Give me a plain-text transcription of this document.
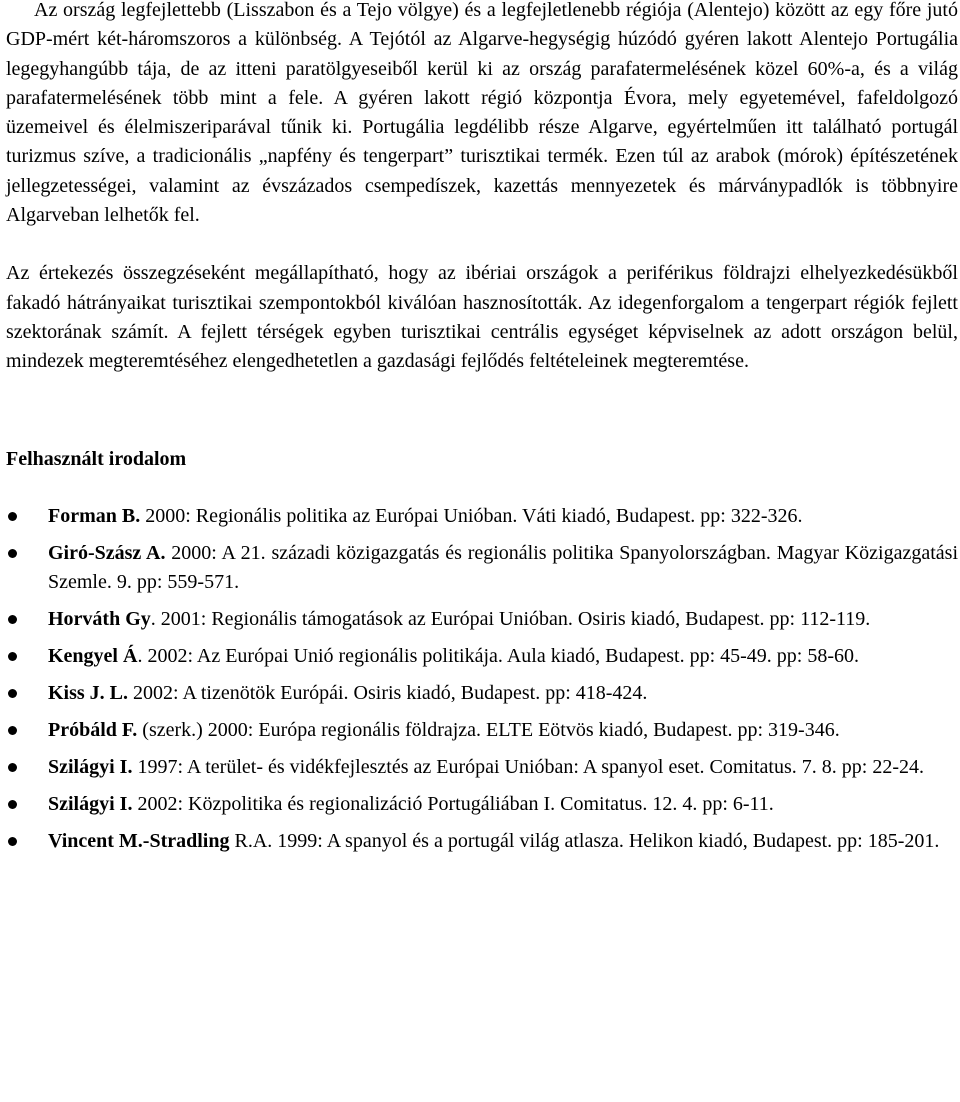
Az ország legfejlettebb (Lisszabon és a Tejo völgye) és a legfejletlenebb régiója (Alentejo) között az egy főre jutó GDP-mért két-háromszoros a különbség. A Tejótól az Algarve-hegységig húzódó gyéren lakott Alentejo Portugália legegyhangúbb tája, de az itteni paratölgyeseiből kerül ki az ország parafatermelésének közel 60%-a, és a világ parafatermelésének több mint a fele. A gyéren lakott régió központja Évora, mely egyetemével, fafeldolgozó üzemeivel és élelmiszeriparával tűnik ki. Portugália legdélibb része Algarve, egyértelműen itt található portugál turizmus szíve, a tradicionális „napfény és tengerpart” turisztikai termék. Ezen túl az arabok (mórok) építészetének jellegzetességei, valamint az évszázados csempedíszek, kazettás mennyezetek és márványpadlók is többnyire Algarveban lelhetők fel.

Az értekezés összegzéseként megállapítható, hogy az ibériai országok a periférikus földrajzi elhelyezkedésükből fakadó hátrányaikat turisztikai szempontokból kiválóan hasznosították. Az idegenforgalom a tengerpart régiók fejlett szektorának számít. A fejlett térségek egyben turisztikai centrális egységet képviselnek az adott országon belül, mindezek megteremtéséhez elengedhetetlen a gazdasági fejlődés feltételeinek megteremtése.

Felhasznált irodalom
Forman B. 2000: Regionális politika az Európai Unióban. Váti kiadó, Budapest. pp: 322-326.
Giró-Szász A. 2000: A 21. századi közigazgatás és regionális politika Spanyolországban. Magyar Közigazgatási Szemle. 9. pp: 559-571.
Horváth Gy. 2001: Regionális támogatások az Európai Unióban. Osiris kiadó, Budapest. pp: 112-119.
Kengyel Á. 2002: Az Európai Unió regionális politikája. Aula kiadó, Budapest. pp: 45-49. pp: 58-60.
Kiss J. L. 2002: A tizenötök Európái. Osiris kiadó, Budapest. pp: 418-424.
Próbáld F. (szerk.) 2000: Európa regionális földrajza. ELTE Eötvös kiadó, Budapest. pp: 319-346.
Szilágyi I. 1997: A terület- és vidékfejlesztés az Európai Unióban: A spanyol eset. Comitatus. 7. 8. pp: 22-24.
Szilágyi I. 2002: Közpolitika és regionalizáció Portugáliában I. Comitatus. 12. 4. pp: 6-11.
Vincent M.-Stradling R.A. 1999: A spanyol és a portugál világ atlasza. Helikon kiadó, Budapest. pp: 185-201.
